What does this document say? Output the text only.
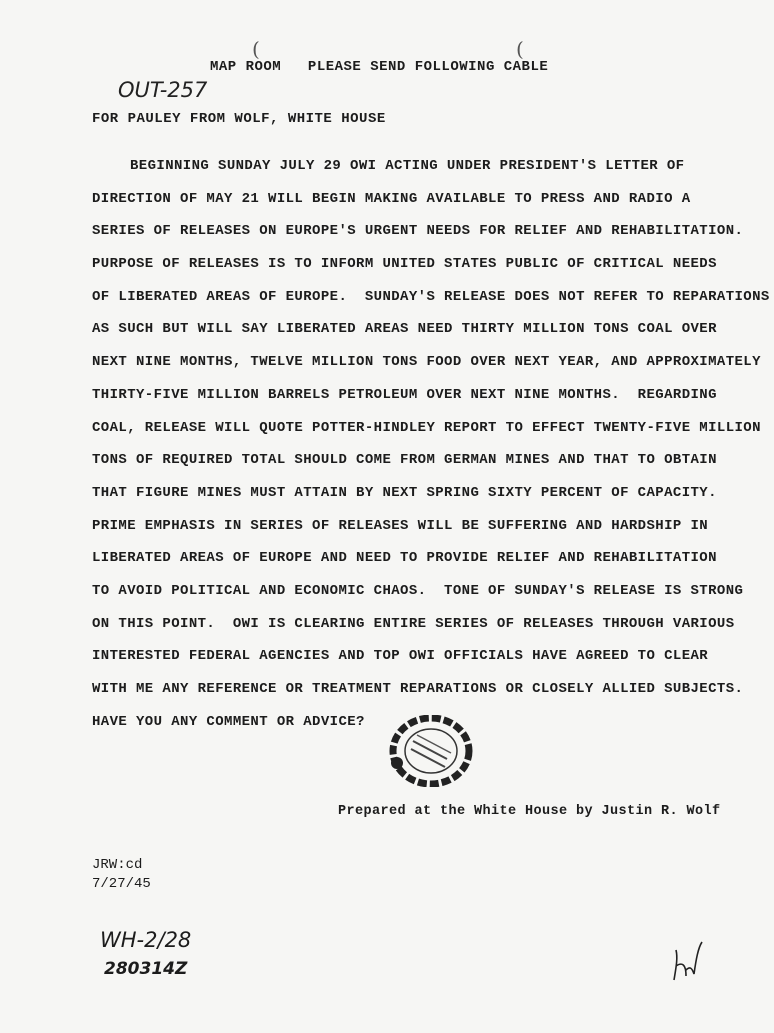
(	(
MAP ROOM   PLEASE SEND FOLLOWING CABLE
OUT-257
FOR PAULEY FROM WOLF, WHITE HOUSE
BEGINNING SUNDAY JULY 29 OWI ACTING UNDER PRESIDENT'S LETTER OF
DIRECTION OF MAY 21 WILL BEGIN MAKING AVAILABLE TO PRESS AND RADIO A
SERIES OF RELEASES ON EUROPE'S URGENT NEEDS FOR RELIEF AND REHABILITATION.
PURPOSE OF RELEASES IS TO INFORM UNITED STATES PUBLIC OF CRITICAL NEEDS
OF LIBERATED AREAS OF EUROPE.  SUNDAY'S RELEASE DOES NOT REFER TO REPARATIONS
AS SUCH BUT WILL SAY LIBERATED AREAS NEED THIRTY MILLION TONS COAL OVER
NEXT NINE MONTHS, TWELVE MILLION TONS FOOD OVER NEXT YEAR, AND APPROXIMATELY
THIRTY-FIVE MILLION BARRELS PETROLEUM OVER NEXT NINE MONTHS.  REGARDING
COAL, RELEASE WILL QUOTE POTTER-HINDLEY REPORT TO EFFECT TWENTY-FIVE MILLION
TONS OF REQUIRED TOTAL SHOULD COME FROM GERMAN MINES AND THAT TO OBTAIN
THAT FIGURE MINES MUST ATTAIN BY NEXT SPRING SIXTY PERCENT OF CAPACITY.
PRIME EMPHASIS IN SERIES OF RELEASES WILL BE SUFFERING AND HARDSHIP IN
LIBERATED AREAS OF EUROPE AND NEED TO PROVIDE RELIEF AND REHABILITATION
TO AVOID POLITICAL AND ECONOMIC CHAOS.  TONE OF SUNDAY'S RELEASE IS STRONG
ON THIS POINT.  OWI IS CLEARING ENTIRE SERIES OF RELEASES THROUGH VARIOUS
INTERESTED FEDERAL AGENCIES AND TOP OWI OFFICIALS HAVE AGREED TO CLEAR
WITH ME ANY REFERENCE OR TREATMENT REPARATIONS OR CLOSELY ALLIED SUBJECTS.
HAVE YOU ANY COMMENT OR ADVICE?
Prepared at the White House by Justin R. Wolf
JRW:cd
7/27/45
WH-2/28
280314Z
